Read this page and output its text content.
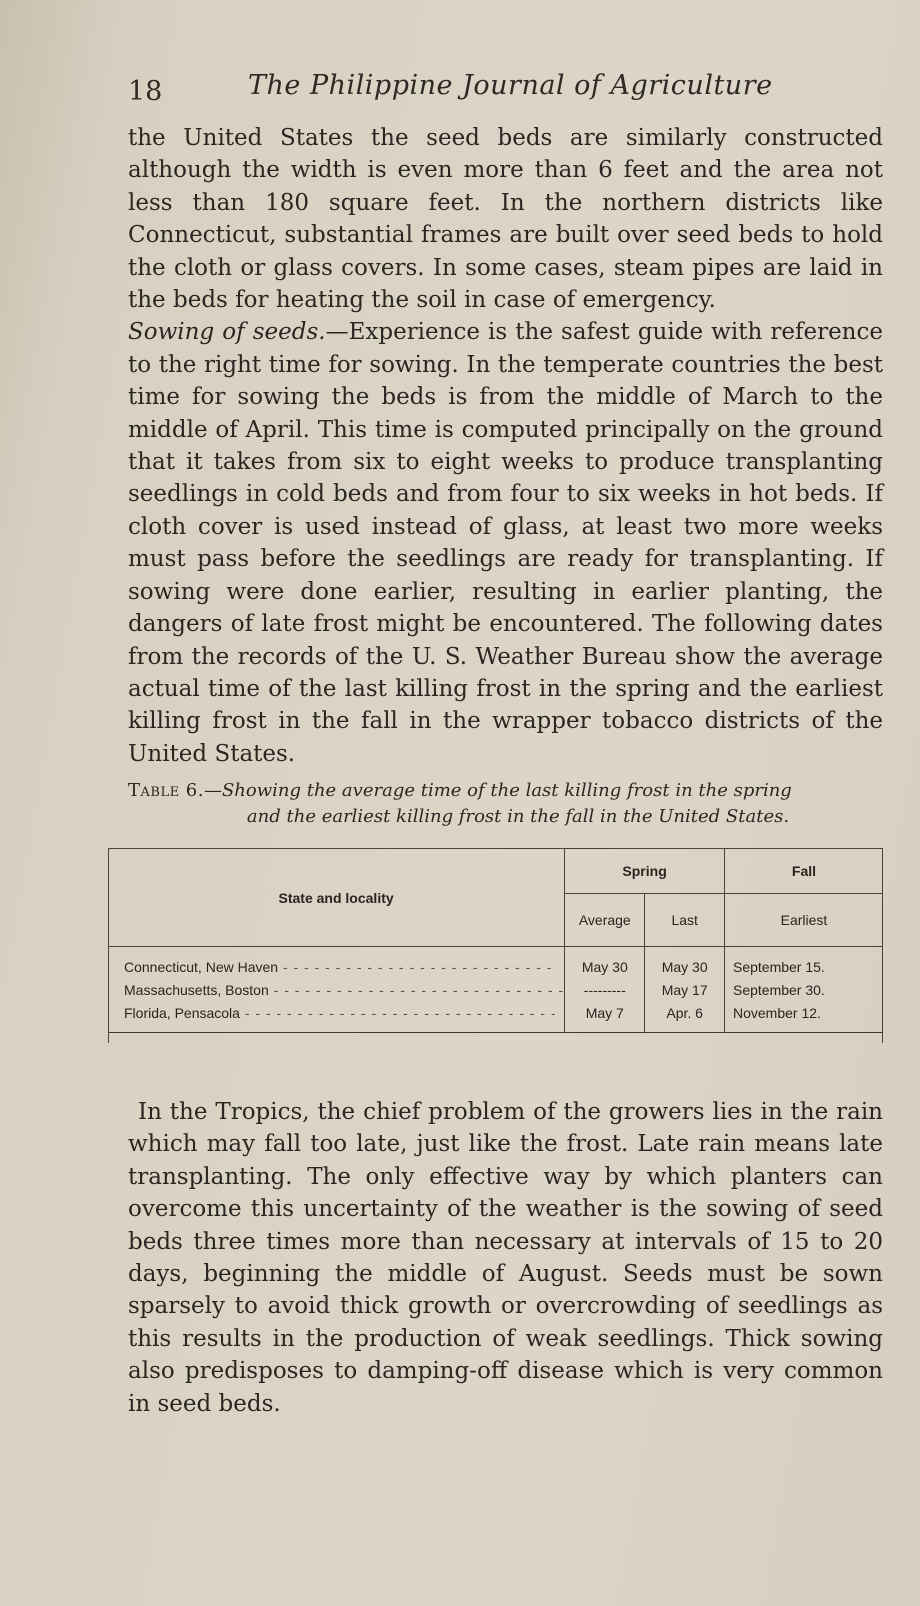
18	The Philippine Journal of Agriculture

the United States the seed beds are similarly constructed although the width is even more than 6 feet and the area not less than 180 square feet. In the northern districts like Connecticut, substantial frames are built over seed beds to hold the cloth or glass covers. In some cases, steam pipes are laid in the beds for heating the soil in case of emergency.

Sowing of seeds.—Experience is the safest guide with reference to the right time for sowing. In the temperate countries the best time for sowing the beds is from the middle of March to the middle of April. This time is computed principally on the ground that it takes from six to eight weeks to produce transplanting seedlings in cold beds and from four to six weeks in hot beds. If cloth cover is used instead of glass, at least two more weeks must pass before the seedlings are ready for transplanting. If sowing were done earlier, resulting in earlier planting, the dangers of late frost might be encountered. The following dates from the records of the U. S. Weather Bureau show the average actual time of the last killing frost in the spring and the earliest killing frost in the fall in the wrapper tobacco districts of the United States.

Table 6.—Showing the average time of the last killing frost in the spring
and the earliest killing frost in the fall in the United States.
State and locality	Spring		Fall
	Average	Last	Earliest
Connecticut, New Haven - - - - - - - - - - - - - - - - - - - - - - - - - -	May 30	May 30	September 15.
Massachusetts, Boston - - - - - - - - - - - - - - - - - - - - - - - - - - - -	---------	May 17	September 30.
Florida, Pensacola - - - - - - - - - - - - - - - - - - - - - - - - - - - - - -	May 7	Apr. 6	November 12.

In the Tropics, the chief problem of the growers lies in the rain which may fall too late, just like the frost. Late rain means late transplanting. The only effective way by which planters can overcome this uncertainty of the weather is the sowing of seed beds three times more than necessary at intervals of 15 to 20 days, beginning the middle of August. Seeds must be sown sparsely to avoid thick growth or overcrowding of seedlings as this results in the production of weak seedlings. Thick sowing also predisposes to damping-off disease which is very common in seed beds.
